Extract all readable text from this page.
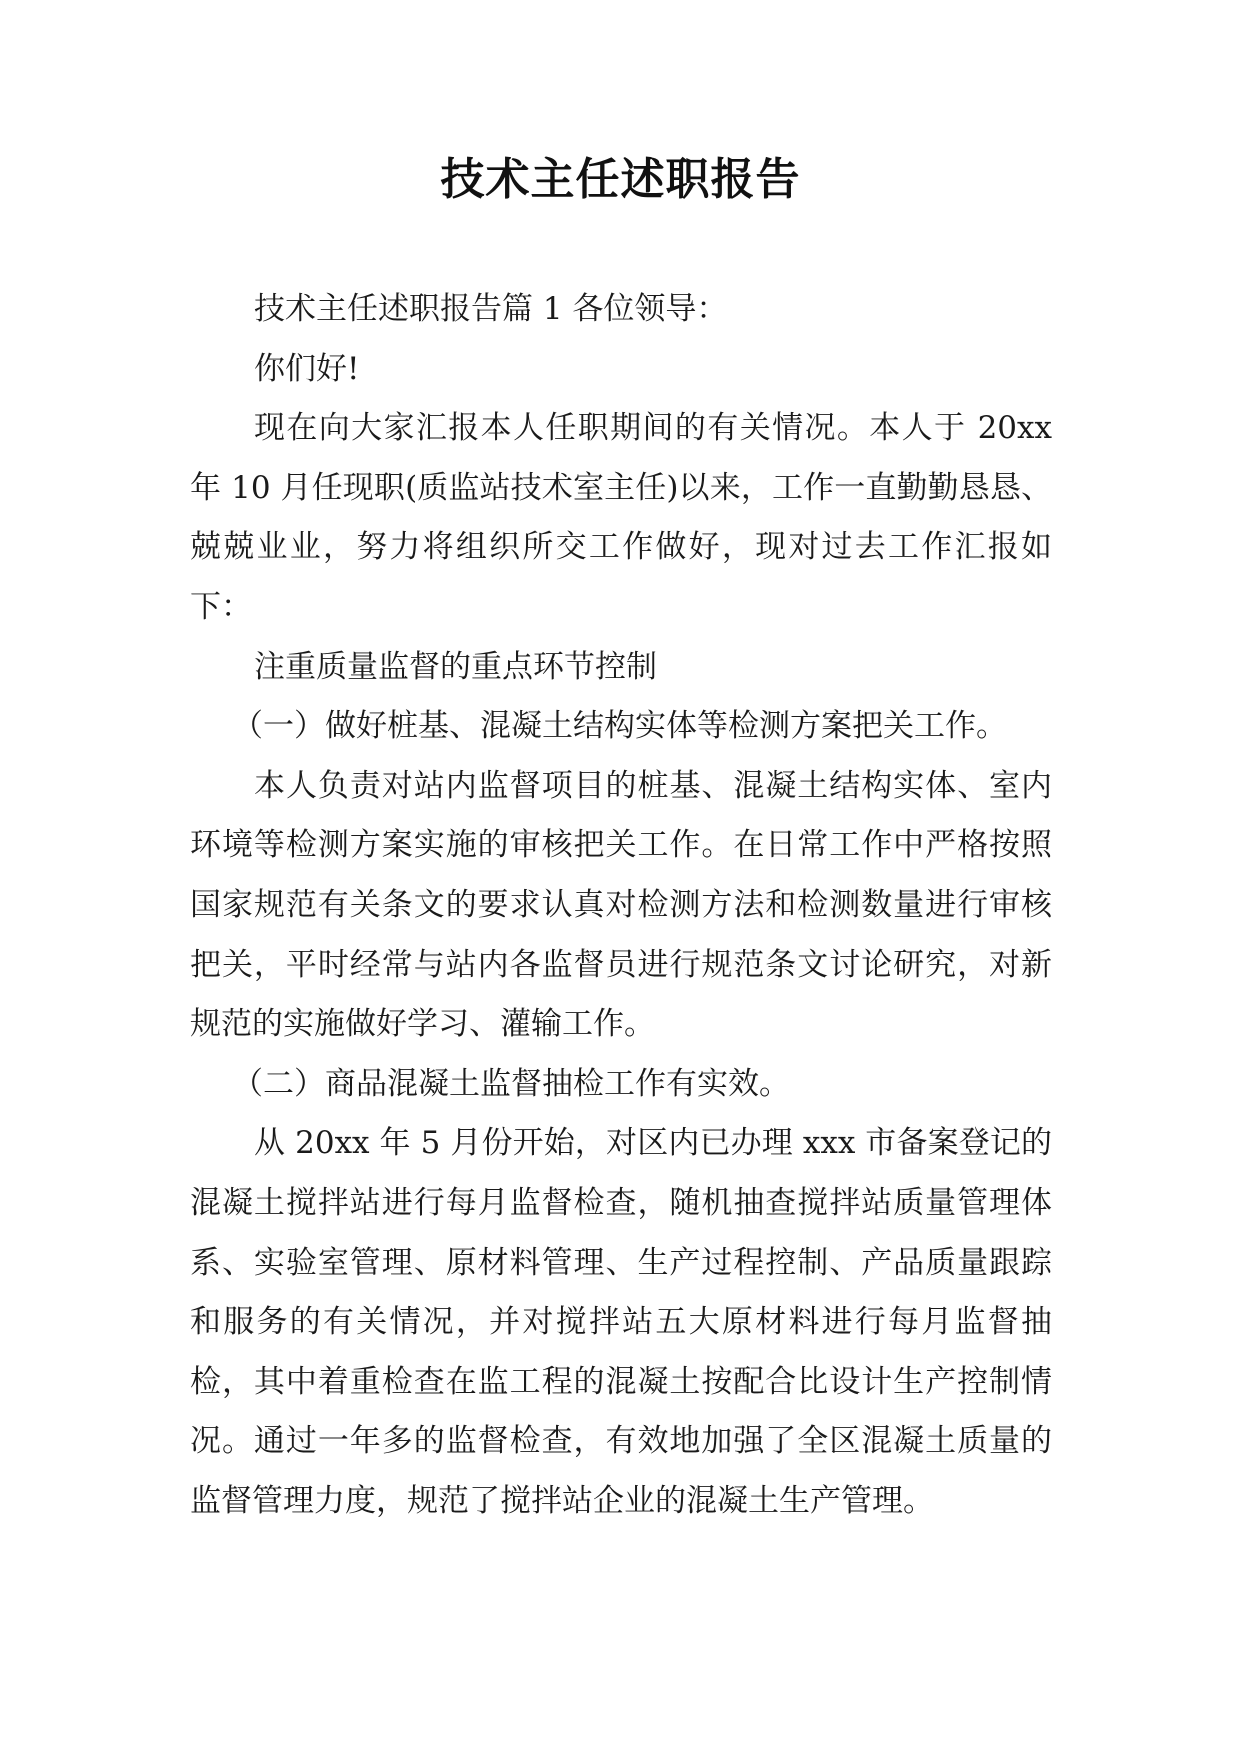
技术主任述职报告

技术主任述职报告篇 1 各位领导：

你们好!

现在向大家汇报本人任职期间的有关情况。本人于 20xx 年 10 月任现职(质监站技术室主任)以来，工作一直勤勤恳恳、兢兢业业，努力将组织所交工作做好，现对过去工作汇报如下：

注重质量监督的重点环节控制

（一）做好桩基、混凝土结构实体等检测方案把关工作。

本人负责对站内监督项目的桩基、混凝土结构实体、室内环境等检测方案实施的审核把关工作。在日常工作中严格按照国家规范有关条文的要求认真对检测方法和检测数量进行审核把关，平时经常与站内各监督员进行规范条文讨论研究，对新规范的实施做好学习、灌输工作。

（二）商品混凝土监督抽检工作有实效。

从 20xx 年 5 月份开始，对区内已办理 xxx 市备案登记的混凝土搅拌站进行每月监督检查，随机抽查搅拌站质量管理体系、实验室管理、原材料管理、生产过程控制、产品质量跟踪和服务的有关情况，并对搅拌站五大原材料进行每月监督抽检，其中着重检查在监工程的混凝土按配合比设计生产控制情况。通过一年多的监督检查，有效地加强了全区混凝土质量的监督管理力度，规范了搅拌站企业的混凝土生产管理。
